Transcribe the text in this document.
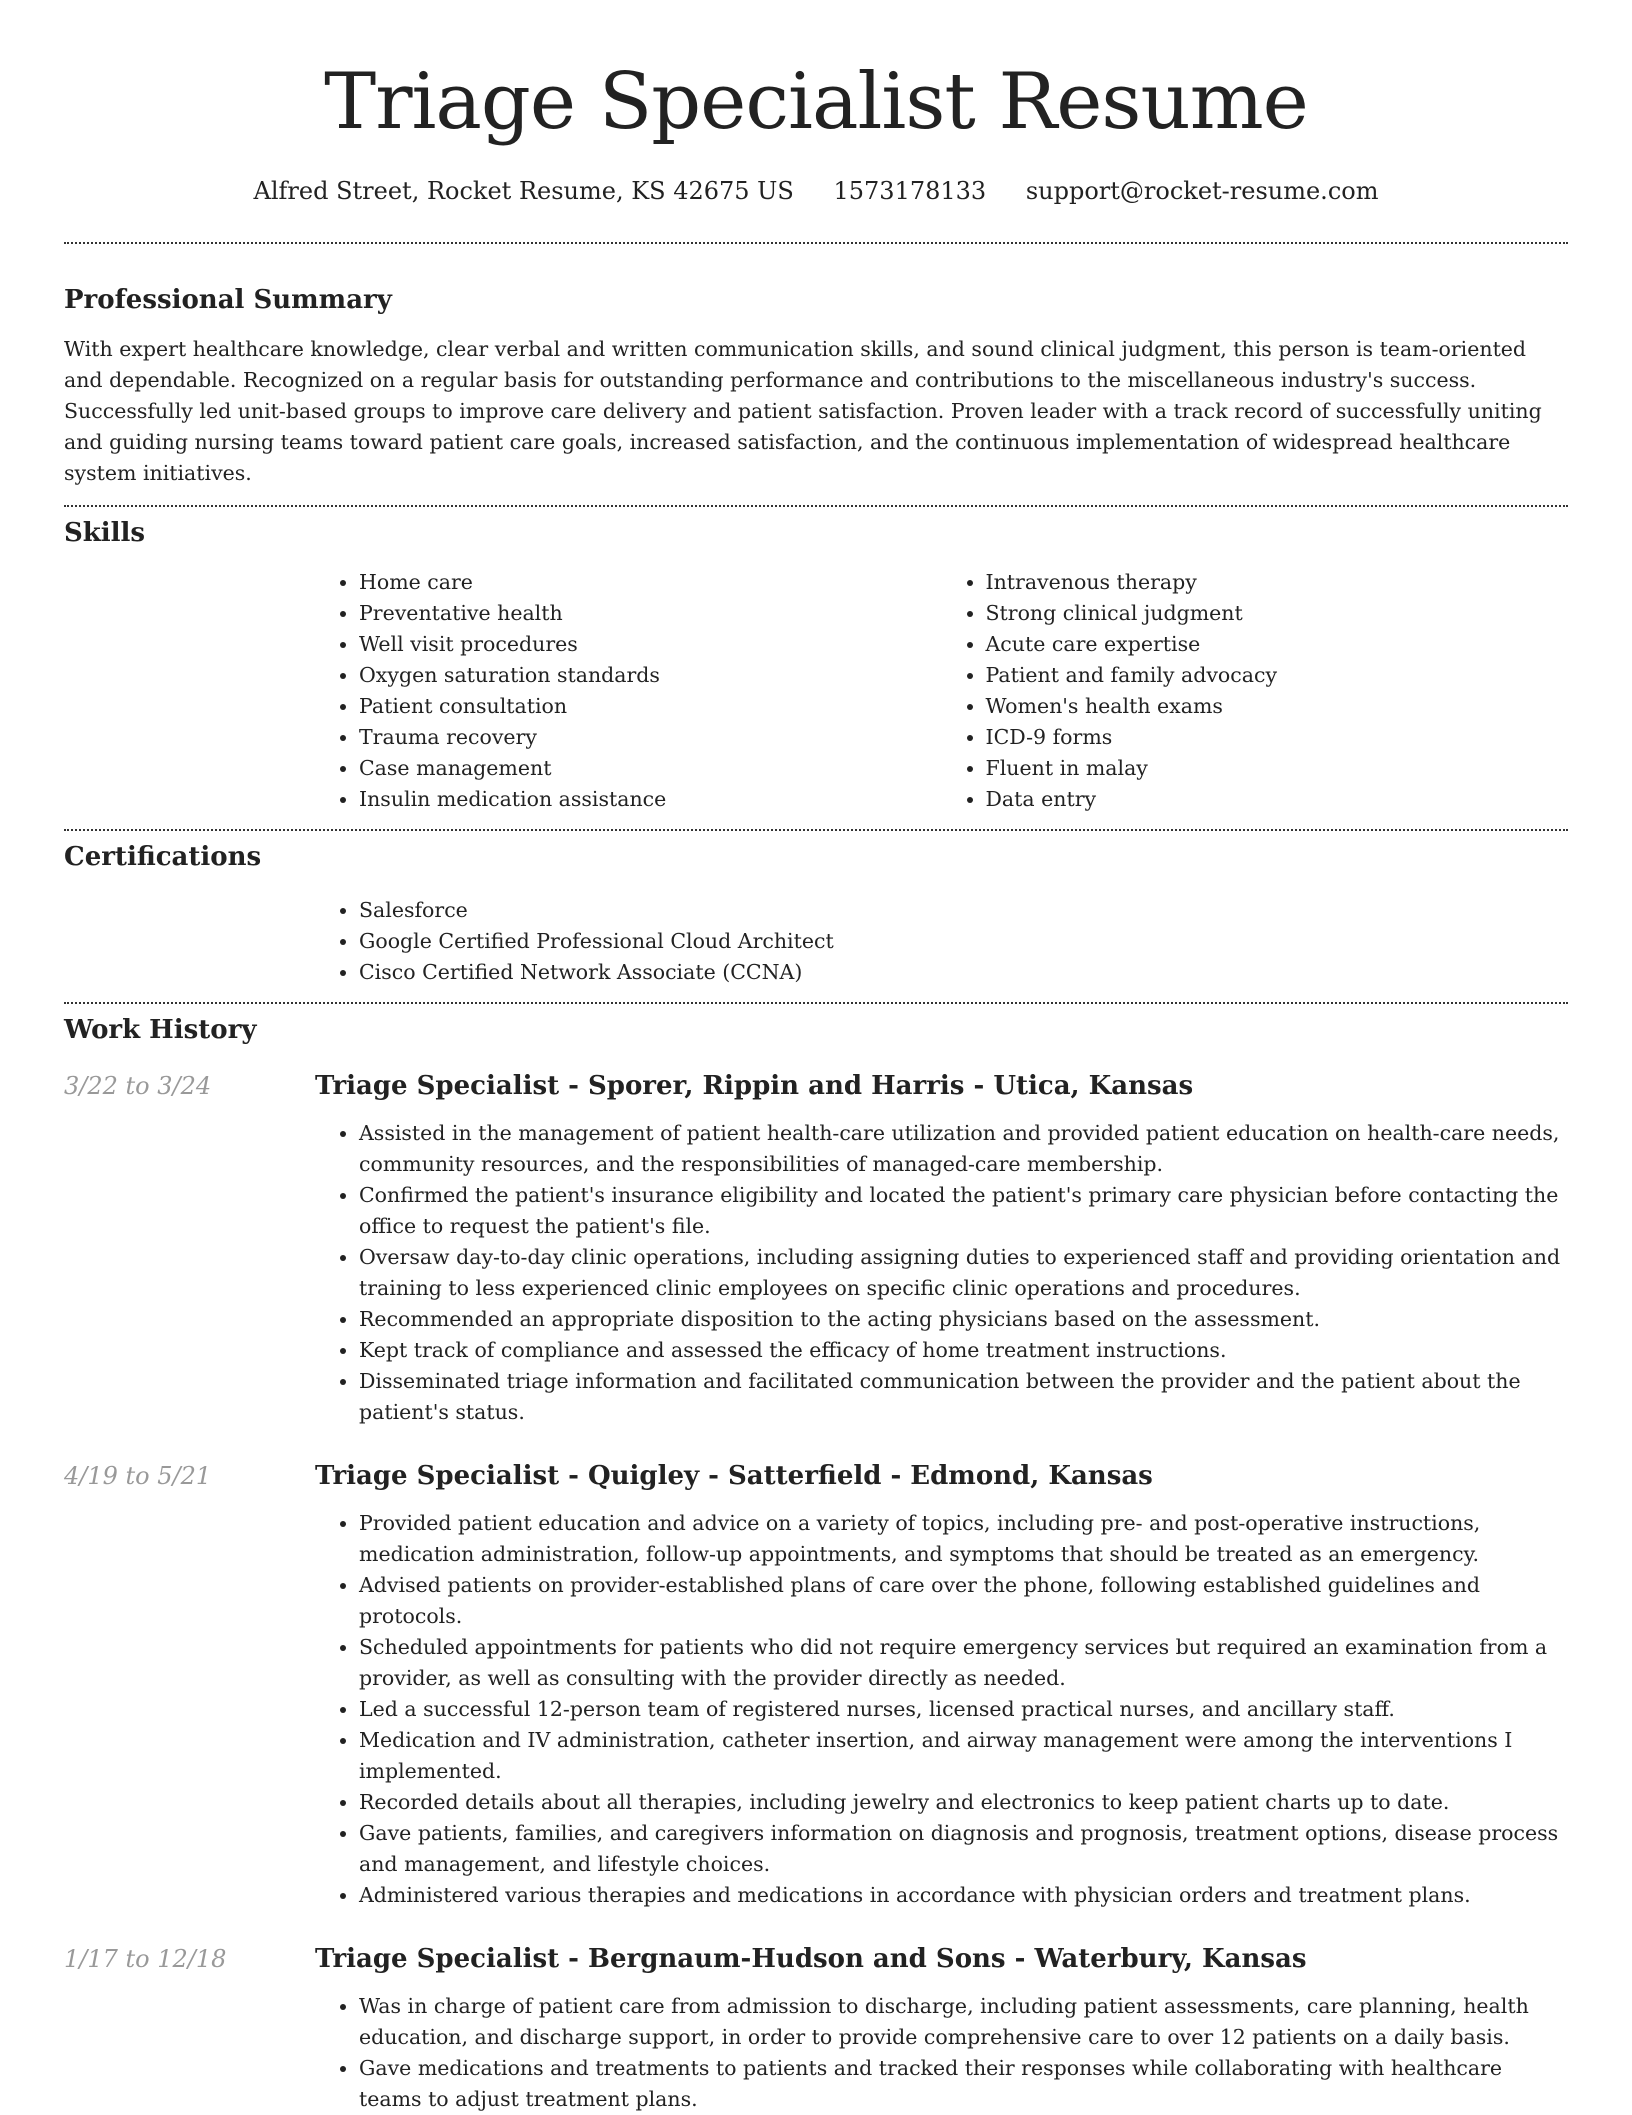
Triage Specialist Resume
Alfred Street, Rocket Resume, KS 42675 US 1573178133 support@rocket-resume.com
Professional Summary

With expert healthcare knowledge, clear verbal and written communication skills, and sound clinical judgment, this person is team-oriented and dependable. Recognized on a regular basis for outstanding performance and contributions to the miscellaneous industry's success. Successfully led unit-based groups to improve care delivery and patient satisfaction. Proven leader with a track record of successfully uniting and guiding nursing teams toward patient care goals, increased satisfaction, and the continuous implementation of widespread healthcare system initiatives.

Skills
• Home care
• Preventative health
• Well visit procedures
• Oxygen saturation standards
• Patient consultation
• Trauma recovery
• Case management
• Insulin medication assistance
• Intravenous therapy
• Strong clinical judgment
• Acute care expertise
• Patient and family advocacy
• Women's health exams
• ICD-9 forms
• Fluent in malay
• Data entry
Certifications
• Salesforce
• Google Certified Professional Cloud Architect
• Cisco Certified Network Associate (CCNA)
Work History
3/22 to 3/24	Triage Specialist - Sporer, Rippin and Harris - Utica, Kansas
• Assisted in the management of patient health-care utilization and provided patient education on health-care needs, community resources, and the responsibilities of managed-care membership.
• Confirmed the patient's insurance eligibility and located the patient's primary care physician before contacting the office to request the patient's file.
• Oversaw day-to-day clinic operations, including assigning duties to experienced staff and providing orientation and training to less experienced clinic employees on specific clinic operations and procedures.
• Recommended an appropriate disposition to the acting physicians based on the assessment.
• Kept track of compliance and assessed the efficacy of home treatment instructions.
• Disseminated triage information and facilitated communication between the provider and the patient about the patient's status.
4/19 to 5/21	Triage Specialist - Quigley - Satterfield - Edmond, Kansas
• Provided patient education and advice on a variety of topics, including pre- and post-operative instructions, medication administration, follow-up appointments, and symptoms that should be treated as an emergency.
• Advised patients on provider-established plans of care over the phone, following established guidelines and protocols.
• Scheduled appointments for patients who did not require emergency services but required an examination from a provider, as well as consulting with the provider directly as needed.
• Led a successful 12-person team of registered nurses, licensed practical nurses, and ancillary staff.
• Medication and IV administration, catheter insertion, and airway management were among the interventions I implemented.
• Recorded details about all therapies, including jewelry and electronics to keep patient charts up to date.
• Gave patients, families, and caregivers information on diagnosis and prognosis, treatment options, disease process and management, and lifestyle choices.
• Administered various therapies and medications in accordance with physician orders and treatment plans.
1/17 to 12/18	Triage Specialist - Bergnaum-Hudson and Sons - Waterbury, Kansas
• Was in charge of patient care from admission to discharge, including patient assessments, care planning, health education, and discharge support, in order to provide comprehensive care to over 12 patients on a daily basis.
• Gave medications and treatments to patients and tracked their responses while collaborating with healthcare teams to adjust treatment plans.
